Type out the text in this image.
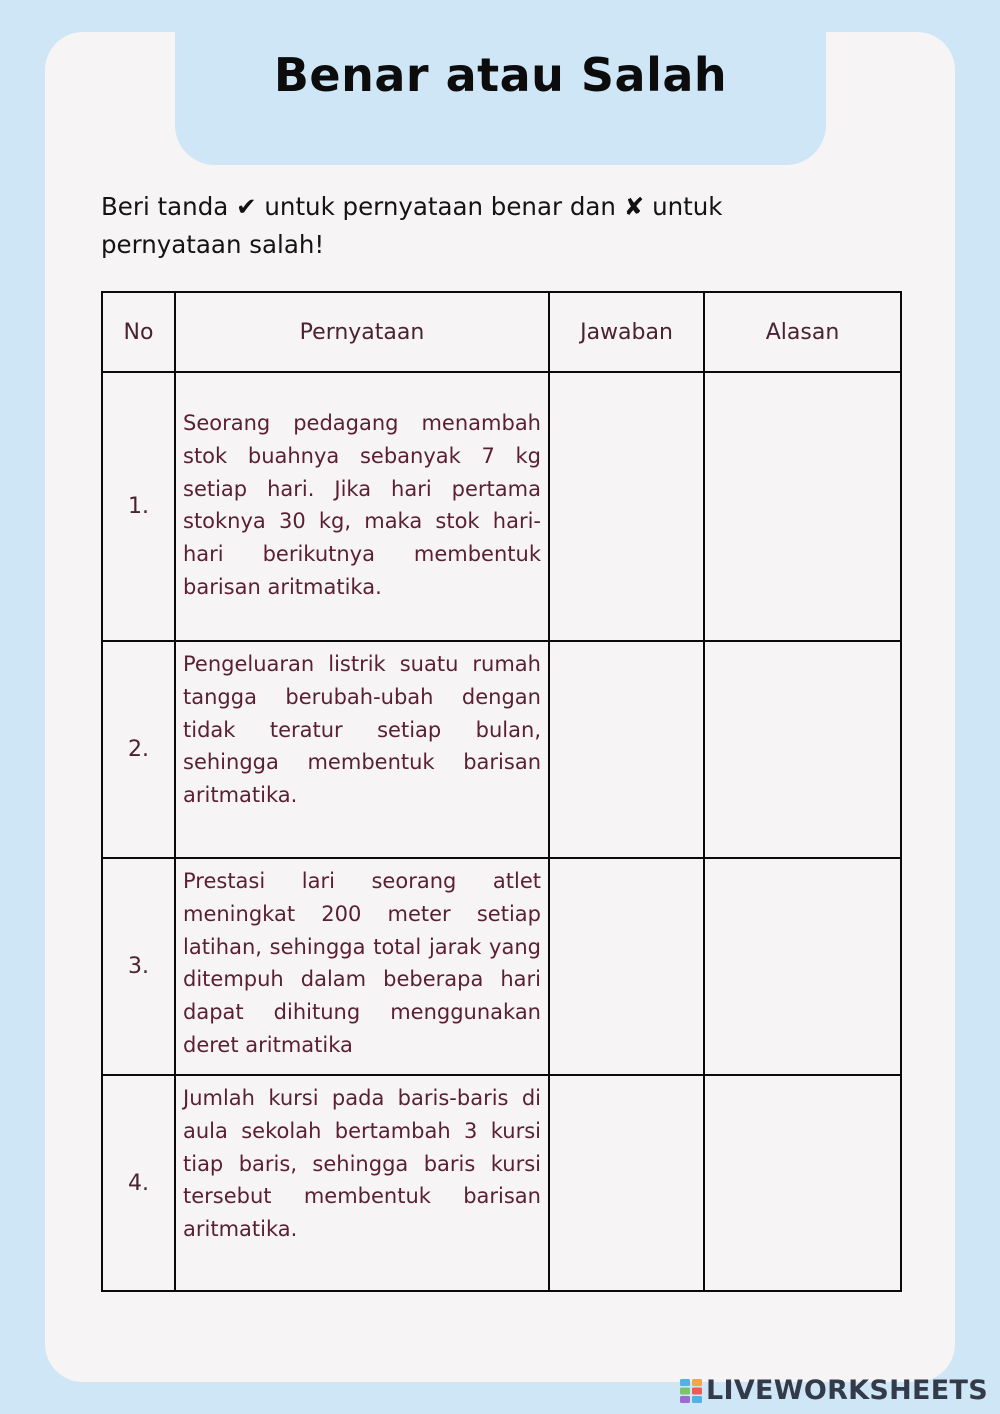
Benar atau Salah

Beri tanda ✔ untuk pernyataan benar dan ✘ untuk pernyataan salah!

No	Pernyataan	Jawaban	Alasan
1.	Seorang pedagang menambah stok buahnya sebanyak 7 kg setiap hari. Jika hari pertama stoknya 30 kg, maka stok hari-hari berikutnya membentuk barisan aritmatika.		

2.	Pengeluaran listrik suatu rumah tangga berubah-ubah dengan tidak teratur setiap bulan, sehingga membentuk barisan aritmatika.		

3.	Prestasi lari seorang atlet meningkat 200 meter setiap latihan, sehingga total jarak yang ditempuh dalam beberapa hari dapat dihitung menggunakan deret aritmatika		

4.	Jumlah kursi pada baris-baris di aula sekolah bertambah 3 kursi tiap baris, sehingga baris kursi tersebut membentuk barisan aritmatika.		

LIVEWORKSHEETS
